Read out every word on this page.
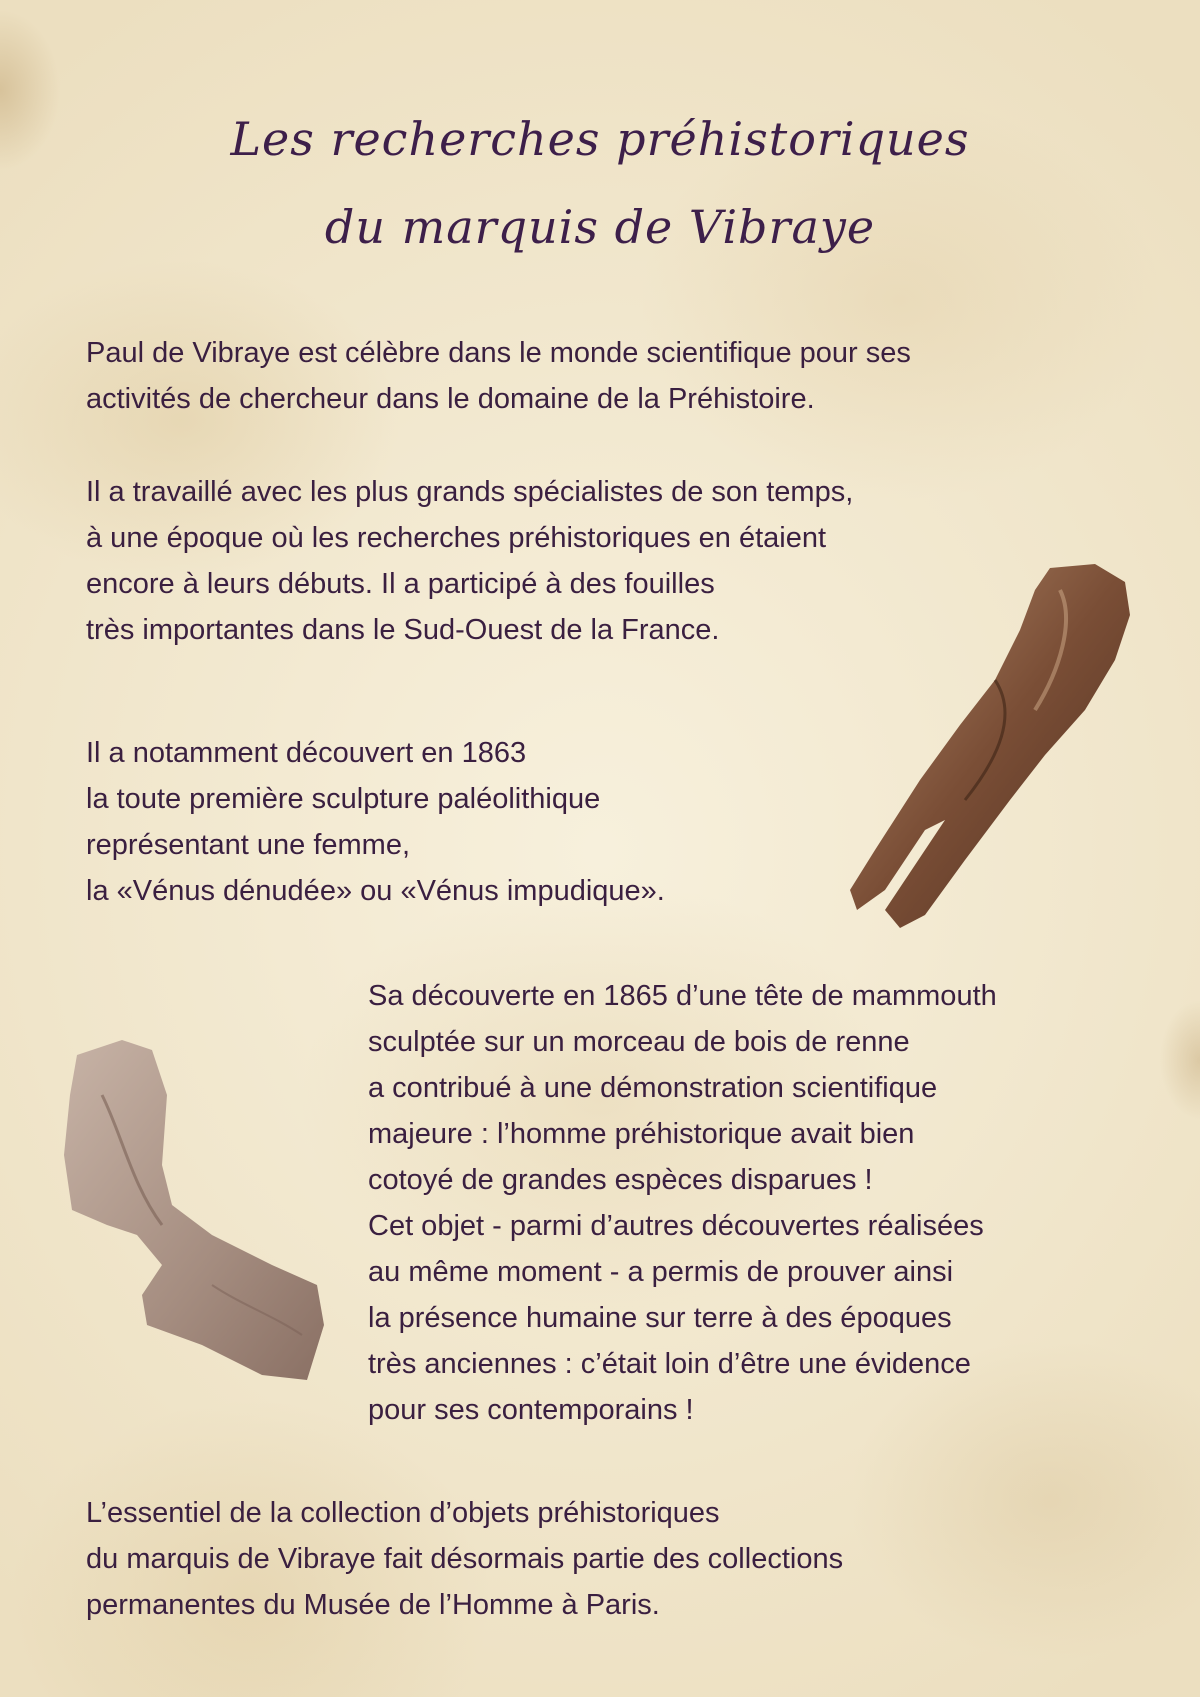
Les recherches préhistoriques
du marquis de Vibraye
Paul de Vibraye est célèbre dans le monde scientifique pour ses
activités de chercheur dans le domaine de la Préhistoire.
Il a travaillé avec les plus grands spécialistes de son temps,
à une époque où les recherches préhistoriques en étaient
encore à leurs débuts. Il a participé à des fouilles
très importantes dans le Sud-Ouest de la France.
Il a notamment découvert en 1863
la toute première sculpture paléolithique
représentant une femme,
la «Vénus dénudée» ou «Vénus impudique».
Sa découverte en 1865 d’une tête de mammouth
sculptée sur un morceau de bois de renne
a contribué à une démonstration scientifique
majeure : l’homme préhistorique avait bien
cotoyé de grandes espèces disparues !
Cet objet - parmi d’autres découvertes réalisées
au même moment - a permis de prouver ainsi
la présence humaine sur terre à des époques
très anciennes : c’était loin d’être une évidence
pour ses contemporains !
L’essentiel de la collection d’objets préhistoriques
du marquis de Vibraye fait désormais partie des collections
permanentes du Musée de l’Homme à Paris.
